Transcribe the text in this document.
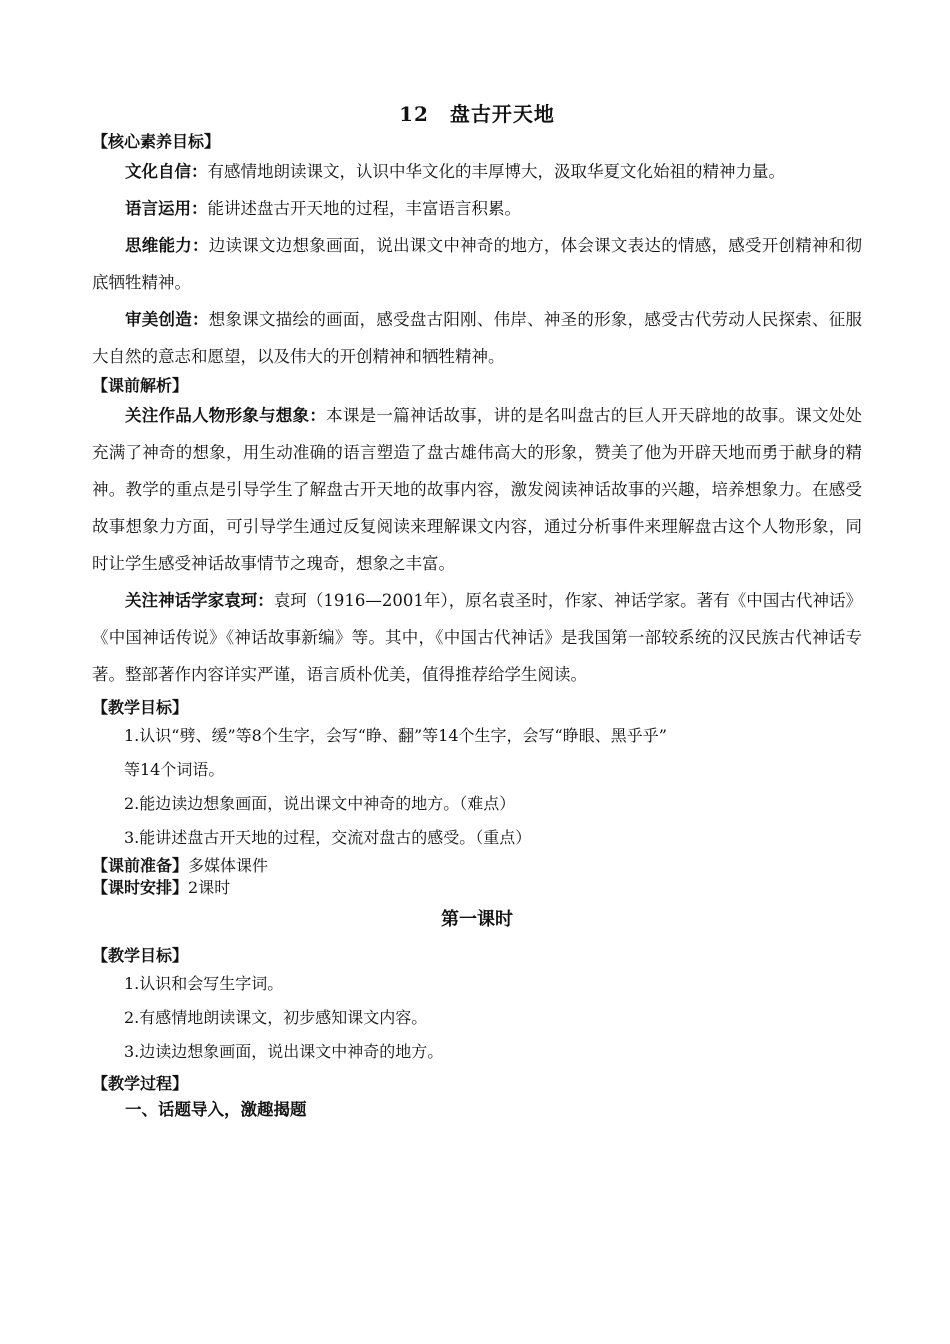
12　盘古开天地

【核心素养目标】

文化自信：有感情地朗读课文，认识中华文化的丰厚博大，汲取华夏文化始祖的精神力量。

语言运用：能讲述盘古开天地的过程，丰富语言积累。

思维能力：边读课文边想象画面，说出课文中神奇的地方，体会课文表达的情感，感受开创精神和彻底牺牲精神。

审美创造：想象课文描绘的画面，感受盘古阳刚、伟岸、神圣的形象，感受古代劳动人民探索、征服大自然的意志和愿望，以及伟大的开创精神和牺牲精神。

【课前解析】

关注作品人物形象与想象：本课是一篇神话故事，讲的是名叫盘古的巨人开天辟地的故事。课文处处充满了神奇的想象，用生动准确的语言塑造了盘古雄伟高大的形象，赞美了他为开辟天地而勇于献身的精神。教学的重点是引导学生了解盘古开天地的故事内容，激发阅读神话故事的兴趣，培养想象力。在感受故事想象力方面，可引导学生通过反复阅读来理解课文内容，通过分析事件来理解盘古这个人物形象，同时让学生感受神话故事情节之瑰奇，想象之丰富。

关注神话学家袁珂：袁珂（1916—2001年），原名袁圣时，作家、神话学家。著有《中国古代神话》《中国神话传说》《神话故事新编》等。其中，《中国古代神话》是我国第一部较系统的汉民族古代神话专著。整部著作内容详实严谨，语言质朴优美，值得推荐给学生阅读。

【教学目标】

1.认识“劈、缓”等8个生字，会写“睁、翻”等14个生字，会写“睁眼、黑乎乎”

等14个词语。

2.能边读边想象画面，说出课文中神奇的地方。（难点）

3.能讲述盘古开天地的过程，交流对盘古的感受。（重点）

【课前准备】多媒体课件

【课时安排】2课时

第一课时

【教学目标】

1.认识和会写生字词。

2.有感情地朗读课文，初步感知课文内容。

3.边读边想象画面，说出课文中神奇的地方。

【教学过程】

一、话题导入，激趣揭题
